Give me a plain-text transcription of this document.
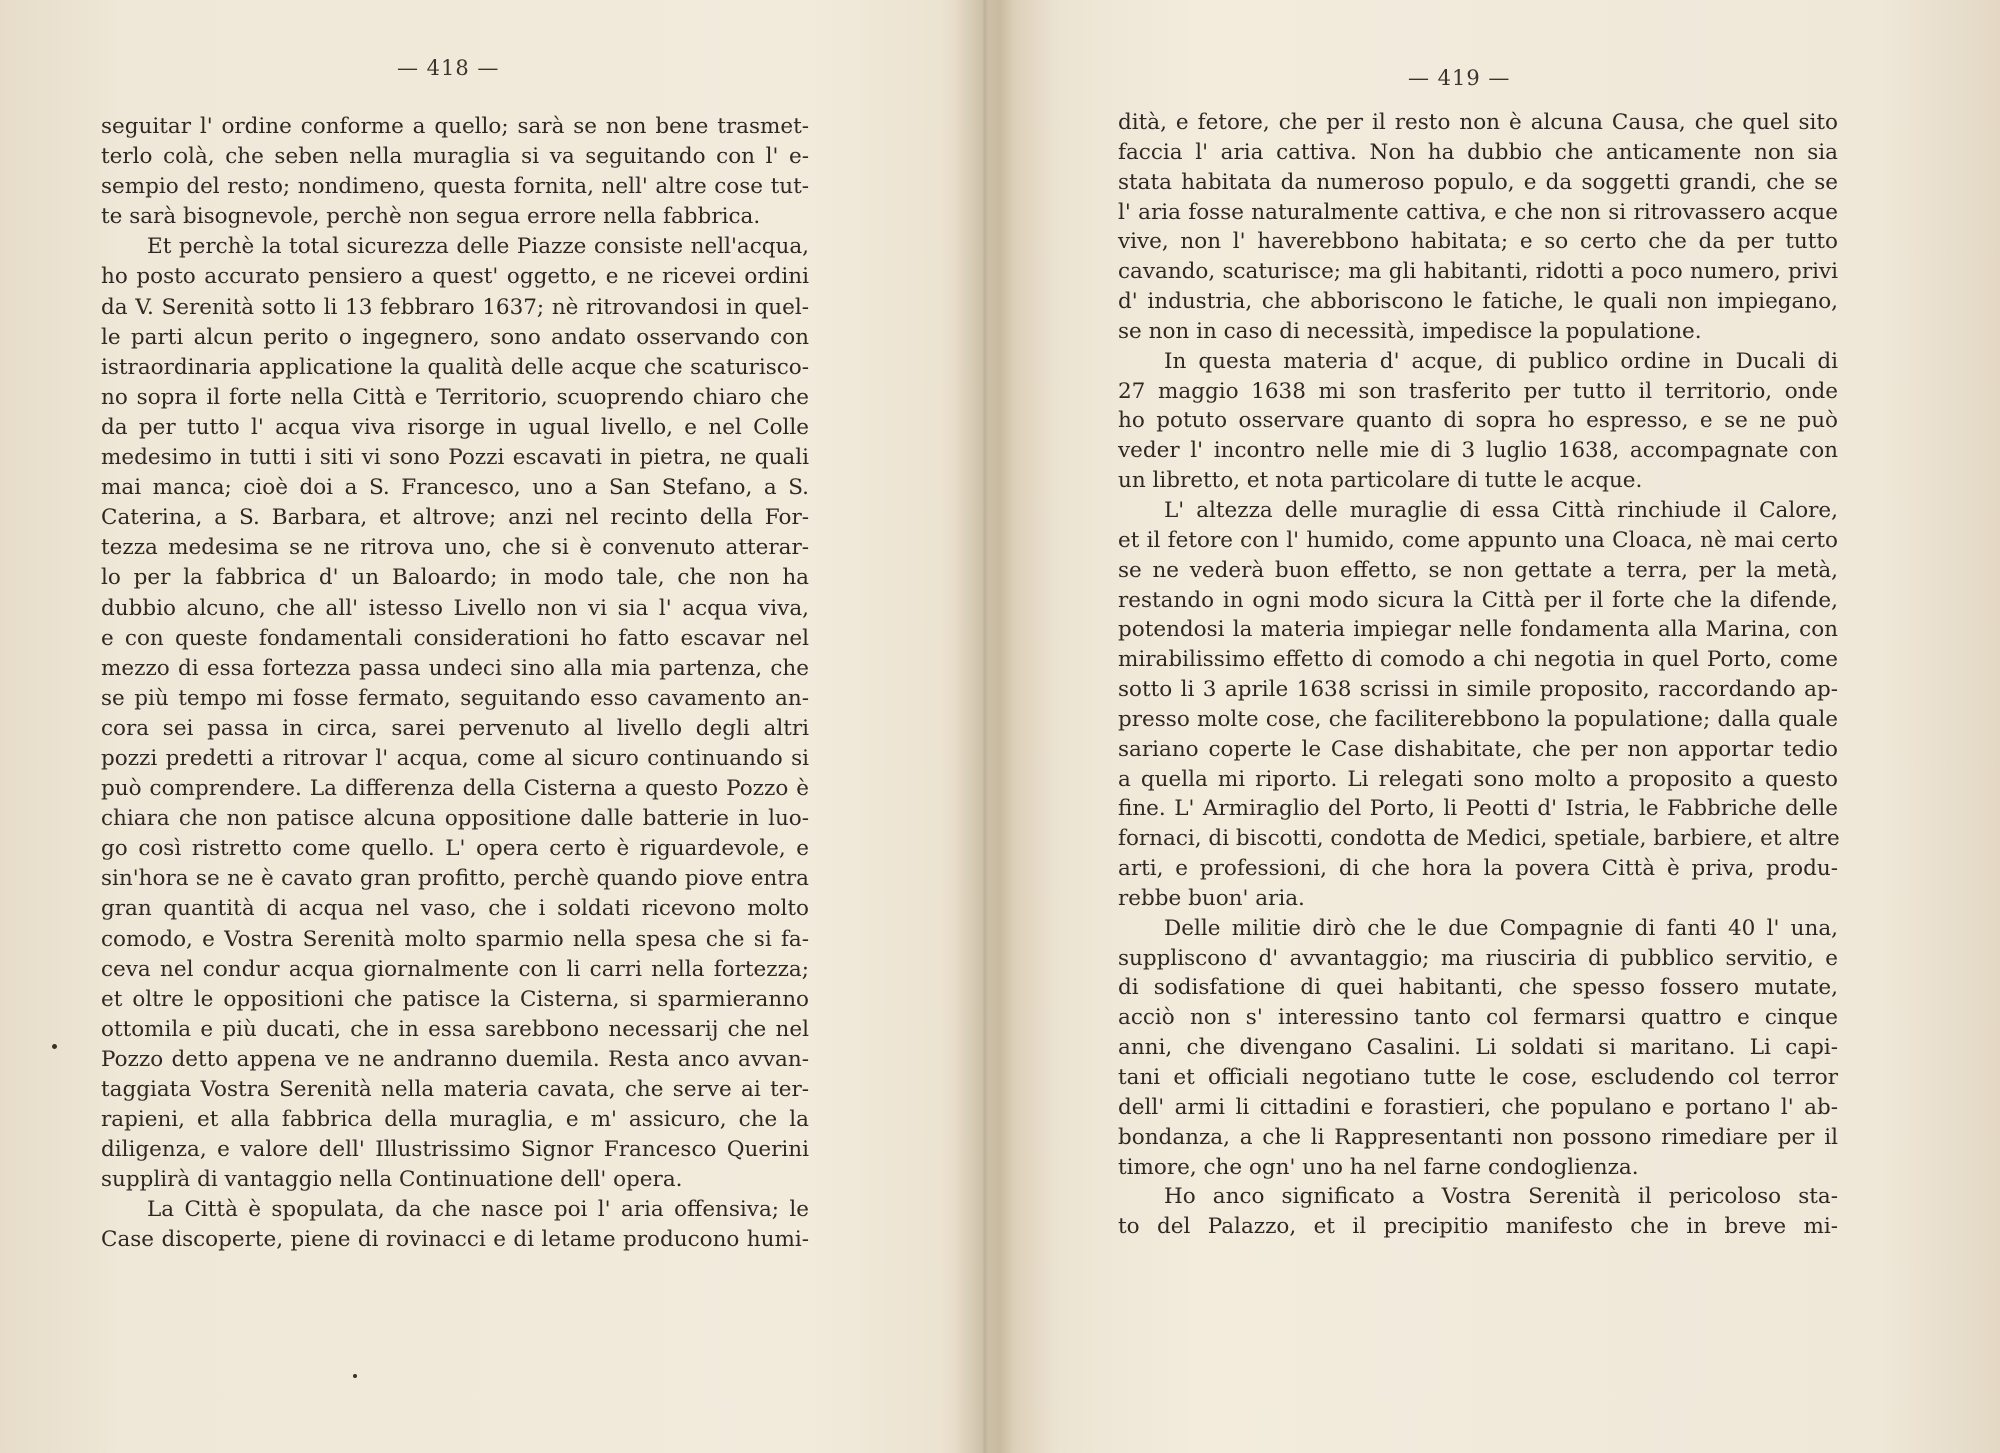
— 418 —
seguitar l' ordine conforme a quello; sarà se non bene trasmet-
terlo colà, che seben nella muraglia si va seguitando con l' e-
sempio del resto; nondimeno, questa fornita, nell' altre cose tut-
te sarà bisognevole, perchè non segua errore nella fabbrica.
Et perchè la total sicurezza delle Piazze consiste nell'acqua,
ho posto accurato pensiero a quest' oggetto, e ne ricevei ordini
da V. Serenità sotto li 13 febbraro 1637; nè ritrovandosi in quel-
le parti alcun perito o ingegnero, sono andato osservando con
istraordinaria applicatione la qualità delle acque che scaturisco-
no sopra il forte nella Città e Territorio, scuoprendo chiaro che
da per tutto l' acqua viva risorge in ugual livello, e nel Colle
medesimo in tutti i siti vi sono Pozzi escavati in pietra, ne quali
mai manca; cioè doi a S. Francesco, uno a San Stefano, a S.
Caterina, a S. Barbara, et altrove; anzi nel recinto della For-
tezza medesima se ne ritrova uno, che si è convenuto atterar-
lo per la fabbrica d' un Baloardo; in modo tale, che non ha
dubbio alcuno, che all' istesso Livello non vi sia l' acqua viva,
e con queste fondamentali considerationi ho fatto escavar nel
mezzo di essa fortezza passa undeci sino alla mia partenza, che
se più tempo mi fosse fermato, seguitando esso cavamento an-
cora sei passa in circa, sarei pervenuto al livello degli altri
pozzi predetti a ritrovar l' acqua, come al sicuro continuando si
può comprendere. La differenza della Cisterna a questo Pozzo è
chiara che non patisce alcuna oppositione dalle batterie in luo-
go così ristretto come quello. L' opera certo è riguardevole, e
sin'hora se ne è cavato gran profitto, perchè quando piove entra
gran quantità di acqua nel vaso, che i soldati ricevono molto
comodo, e Vostra Serenità molto sparmio nella spesa che si fa-
ceva nel condur acqua giornalmente con li carri nella fortezza;
et oltre le oppositioni che patisce la Cisterna, si sparmieranno
ottomila e più ducati, che in essa sarebbono necessarij che nel
Pozzo detto appena ve ne andranno duemila. Resta anco avvan-
taggiata Vostra Serenità nella materia cavata, che serve ai ter-
rapieni, et alla fabbrica della muraglia, e m' assicuro, che la
diligenza, e valore dell' Illustrissimo Signor Francesco Querini
supplirà di vantaggio nella Continuatione dell' opera.
La Città è spopulata, da che nasce poi l' aria offensiva; le
Case discoperte, piene di rovinacci e di letame producono humi-
— 419 —
dità, e fetore, che per il resto non è alcuna Causa, che quel sito
faccia l' aria cattiva. Non ha dubbio che anticamente non sia
stata habitata da numeroso populo, e da soggetti grandi, che se
l' aria fosse naturalmente cattiva, e che non si ritrovassero acque
vive, non l' haverebbono habitata; e so certo che da per tutto
cavando, scaturisce; ma gli habitanti, ridotti a poco numero, privi
d' industria, che abboriscono le fatiche, le quali non impiegano,
se non in caso di necessità, impedisce la populatione.
In questa materia d' acque, di publico ordine in Ducali di
27 maggio 1638 mi son trasferito per tutto il territorio, onde
ho potuto osservare quanto di sopra ho espresso, e se ne può
veder l' incontro nelle mie di 3 luglio 1638, accompagnate con
un libretto, et nota particolare di tutte le acque.
L' altezza delle muraglie di essa Città rinchiude il Calore,
et il fetore con l' humido, come appunto una Cloaca, nè mai certo
se ne vederà buon effetto, se non gettate a terra, per la metà,
restando in ogni modo sicura la Città per il forte che la difende,
potendosi la materia impiegar nelle fondamenta alla Marina, con
mirabilissimo effetto di comodo a chi negotia in quel Porto, come
sotto li 3 aprile 1638 scrissi in simile proposito, raccordando ap-
presso molte cose, che faciliterebbono la populatione; dalla quale
sariano coperte le Case dishabitate, che per non apportar tedio
a quella mi riporto. Li relegati sono molto a proposito a questo
fine. L' Armiraglio del Porto, li Peotti d' Istria, le Fabbriche delle
fornaci, di biscotti, condotta de Medici, spetiale, barbiere, et altre
arti, e professioni, di che hora la povera Città è priva, produ-
rebbe buon' aria.
Delle militie dirò che le due Compagnie di fanti 40 l' una,
suppliscono d' avvantaggio; ma riusciria di pubblico servitio, e
di sodisfatione di quei habitanti, che spesso fossero mutate,
acciò non s' interessino tanto col fermarsi quattro e cinque
anni, che divengano Casalini. Li soldati si maritano. Li capi-
tani et officiali negotiano tutte le cose, escludendo col terror
dell' armi li cittadini e forastieri, che populano e portano l' ab-
bondanza, a che li Rappresentanti non possono rimediare per il
timore, che ogn' uno ha nel farne condoglienza.
Ho anco significato a Vostra Serenità il pericoloso sta-
to del Palazzo, et il precipitio manifesto che in breve mi-
